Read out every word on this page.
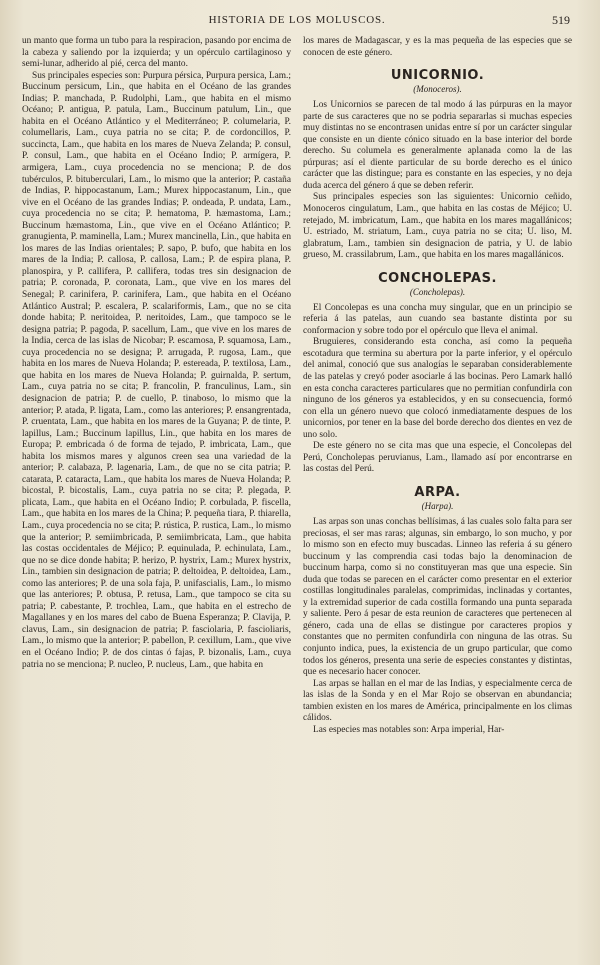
HISTORIA DE LOS MOLUSCOS.	519

un manto que forma un tubo para la respiracion, pasando por encima de la cabeza y saliendo por la izquierda; y un opérculo cartilaginoso y semi-lunar, adherido al pié, cerca del manto.

Sus principales especies son: Purpura pérsica, Purpura persica, Lam.; Buccinum persicum, Lin., que habita en el Océano de las grandes Indias; P. manchada, P. Rudolphi, Lam., que habita en el mismo Océano; P. antigua, P. patula, Lam., Buccinum patulum, Lin., que habita en el Océano Atlántico y el Mediterráneo; P. columelaria, P. columellaris, Lam., cuya patria no se cita; P. de cordoncillos, P. succincta, Lam., que habita en los mares de Nueva Zelanda; P. consul, P. consul, Lam., que habita en el Océano Indio; P. armígera, P. armigera, Lam., cuya procedencia no se menciona; P. de dos tubérculos, P. bituberculari, Lam., lo mismo que la anterior; P. castaña de Indias, P. hippocastanum, Lam.; Murex hippocastanum, Lin., que vive en el Océano de las grandes Indias; P. ondeada, P. undata, Lam., cuya procedencia no se cita; P. hematoma, P. hæmastoma, Lam.; Buccinum hæmastoma, Lin., que vive en el Océano Atlántico; P. granugienta, P. maminella, Lam.; Murex mancinella, Lin., que habita en los mares de las Indias orientales; P. sapo, P. bufo, que habita en los mares de la India; P. callosa, P. callosa, Lam.; P. de espira plana, P. planospira, y P. callifera, P. callifera, todas tres sin designacion de patria; P. coronada, P. coronata, Lam., que vive en los mares del Senegal; P. carinifera, P. carinifera, Lam., que habita en el Océano Atlántico Austral; P. escalera, P. scalariformis, Lam., que no se cita donde habita; P. neritoidea, P. neritoides, Lam., que tampoco se le designa patria; P. pagoda, P. sacellum, Lam., que vive en los mares de la India, cerca de las islas de Nicobar; P. escamosa, P. squamosa, Lam., cuya procedencia no se designa; P. arrugada, P. rugosa, Lam., que habita en los mares de Nueva Holanda; P. estereada, P. textilosa, Lam., que habita en los mares de Nueva Holanda; P. guirnalda, P. sertum, Lam., cuya patria no se cita; P. francolin, P. franculinus, Lam., sin designacion de patria; P. de cuello, P. tinaboso, lo mismo que la anterior; P. atada, P. ligata, Lam., como las anteriores; P. ensangrentada, P. cruentata, Lam., que habita en los mares de la Guyana; P. de tinte, P. lapillus, Lam.; Buccinum lapillus, Lin., que habita en los mares de Europa; P. embricada ó de forma de tejado, P. imbricata, Lam., que habita los mismos mares y algunos creen sea una variedad de la anterior; P. calabaza, P. lagenaria, Lam., de que no se cita patria; P. catarata, P. cataracta, Lam., que habita los mares de Nueva Holanda; P. bicostal, P. bicostalis, Lam., cuya patria no se cita; P. plegada, P. plicata, Lam., que habita en el Océano Indio; P. corbulada, P. fiscella, Lam., que habita en los mares de la China; P. pequeña tiara, P. thiarella, Lam., cuya procedencia no se cita; P. rústica, P. rustica, Lam., lo mismo que la anterior; P. semiimbricada, P. semiimbricata, Lam., que habita las costas occidentales de Méjico; P. equinulada, P. echinulata, Lam., que no se dice donde habita; P. herizo, P. hystrix, Lam.; Murex hystrix, Lin., tambien sin designacion de patria; P. deltoidea, P. deltoidea, Lam., como las anteriores; P. de una sola faja, P. unifascialis, Lam., lo mismo que las anteriores; P. obtusa, P. retusa, Lam., que tampoco se cita su patria; P. cabestante, P. trochlea, Lam., que habita en el estrecho de Magallanes y en los mares del cabo de Buena Esperanza; P. Clavija, P. clavus, Lam., sin designacion de patria; P. fasciolaria, P. fascioliaris, Lam., lo mismo que la anterior; P. pabellon, P. cexillum, Lam., que vive en el Océano Indio; P. de dos cintas ó fajas, P. bizonalis, Lam., cuya patria no se menciona; P. nucleo, P. nucleus, Lam., que habita en

los mares de Madagascar, y es la mas pequeña de las especies que se conocen de este género.

UNICORNIO.
(Monoceros).

Los Unicornios se parecen de tal modo á las púrpuras en la mayor parte de sus caracteres que no se podria separarlas si muchas especies muy distintas no se encontrasen unidas entre sí por un carácter singular que consiste en un diente cónico situado en la base interior del borde derecho. Su columela es generalmente aplanada como la de las púrpuras; así el diente particular de su borde derecho es el único carácter que las distingue; para es constante en las especies, y no deja duda acerca del género á que se deben referir.

Sus principales especies son las siguientes: Unicornio ceñido, Monoceros cingulatum, Lam., que habita en las costas de Méjico; U. retejado, M. imbricatum, Lam., que habita en los mares magallánicos; U. estriado, M. striatum, Lam., cuya patria no se cita; U. liso, M. glabratum, Lam., tambien sin designacion de patria, y U. de labio grueso, M. crassilabrum, Lam., que habita en los mares magallánicos.

CONCHOLEPAS.
(Concholepas).

El Concolepas es una concha muy singular, que en un principio se referia á las patelas, aun cuando sea bastante distinta por su conformacion y sobre todo por el opérculo que lleva el animal.

Bruguieres, considerando esta concha, así como la pequeña escotadura que termina su abertura por la parte inferior, y el opérculo del animal, conoció que sus analogías le separaban considerablemente de las patelas y creyó poder asociarle á las bocinas. Pero Lamark halló en esta concha caracteres particulares que no permitian confundirla con ninguno de los géneros ya establecidos, y en su consecuencia, formó con ella un género nuevo que colocó inmediatamente despues de los unicornios, por tener en la base del borde derecho dos dientes en vez de uno solo.

De este género no se cita mas que una especie, el Concolepas del Perú, Concholepas peruvianus, Lam., llamado así por encontrarse en las costas del Perú.

ARPA.
(Harpa).

Las arpas son unas conchas bellísimas, á las cuales solo falta para ser preciosas, el ser mas raras; algunas, sin embargo, lo son mucho, y por lo mismo son en efecto muy buscadas. Linneo las referia á su género buccinum y las comprendia casi todas bajo la denominacion de buccinum harpa, como si no constituyeran mas que una especie. Sin duda que todas se parecen en el carácter como presentar en el exterior costillas longitudinales paralelas, comprimidas, inclinadas y cortantes, y la extremidad superior de cada costilla formando una punta separada y saliente. Pero á pesar de esta reunion de caracteres que pertenecen al género, cada una de ellas se distingue por caracteres propios y constantes que no permiten confundirla con ninguna de las otras. Su conjunto indica, pues, la existencia de un grupo particular, que como todos los géneros, presenta una serie de especies constantes y distintas, que es necesario hacer conocer.

Las arpas se hallan en el mar de las Indias, y especialmente cerca de las islas de la Sonda y en el Mar Rojo se observan en abundancia; tambien existen en los mares de América, principalmente en los climas cálidos.

Las especies mas notables son: Arpa imperial, Har-
